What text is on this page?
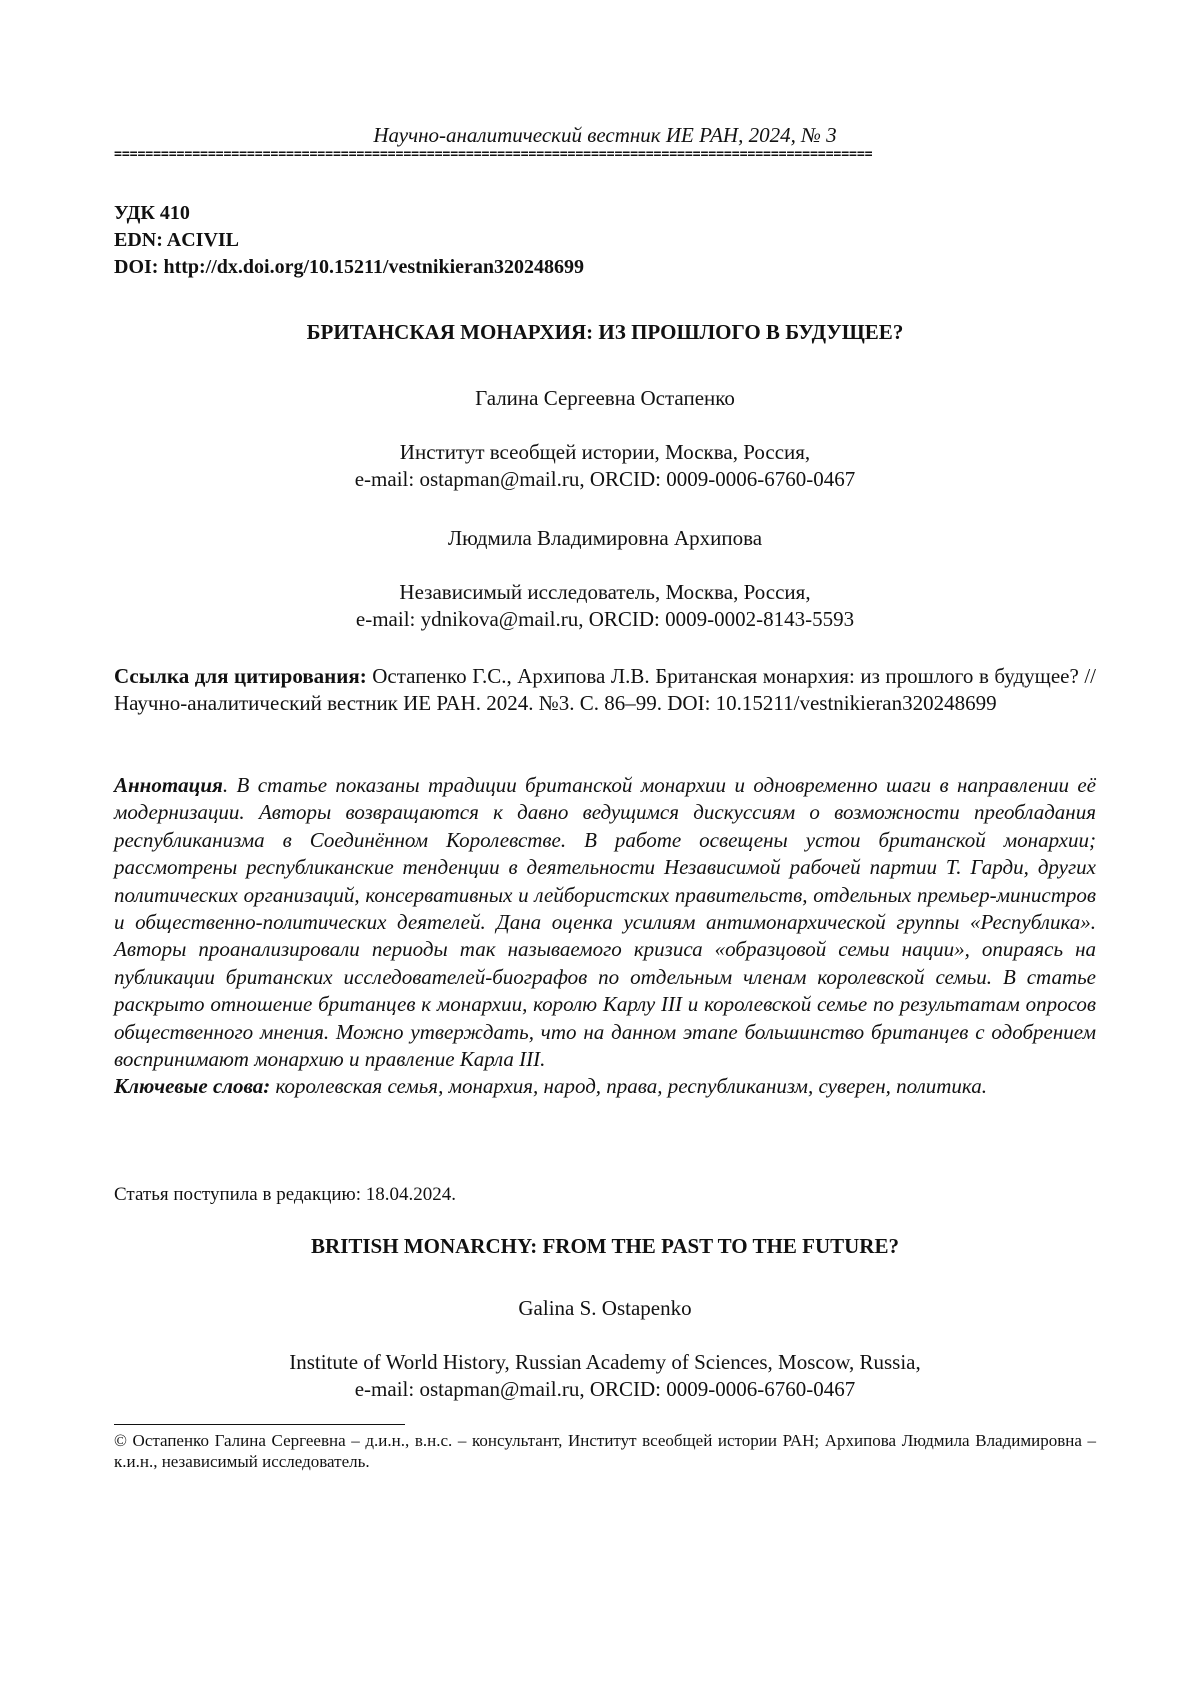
Научно-аналитический вестник ИЕ РАН, 2024, № 3
=================================================================================================
УДК 410
EDN: ACIVIL
DOI: http://dx.doi.org/10.15211/vestnikieran320248699
БРИТАНСКАЯ МОНАРХИЯ: ИЗ ПРОШЛОГО В БУДУЩЕЕ?
Галина Сергеевна Остапенко
Институт всеобщей истории, Москва, Россия,
e-mail: ostapman@mail.ru, ORCID: 0009-0006-6760-0467
Людмила Владимировна Архипова
Независимый исследователь, Москва, Россия,
e-mail: ydnikova@mail.ru, ORCID: 0009-0002-8143-5593
Ссылка для цитирования: Остапенко Г.С., Архипова Л.В. Британская монархия: из прошлого в будущее? // Научно-аналитический вестник ИЕ РАН. 2024. №3. С. 86–99. DOI: 10.15211/vestnikieran320248699
Аннотация. В статье показаны традиции британской монархии и одновременно шаги в направлении её модернизации. Авторы возвращаются к давно ведущимся дискуссиям о возможности преобладания республиканизма в Соединённом Королевстве. В работе освещены устои британской монархии; рассмотрены республиканские тенденции в деятельности Независимой рабочей партии Т. Гарди, других политических организаций, консервативных и лейбористских правительств, отдельных премьер-министров и общественно-политических деятелей. Дана оценка усилиям антимонархической группы «Республика». Авторы проанализировали периоды так называемого кризиса «образцовой семьи нации», опираясь на публикации британских исследователей-биографов по отдельным членам королевской семьи. В статье раскрыто отношение британцев к монархии, королю Карлу III и королевской семье по результатам опросов общественного мнения. Можно утверждать, что на данном этапе большинство британцев с одобрением воспринимают монархию и правление Карла III.
Ключевые слова: королевская семья, монархия, народ, права, республиканизм, суверен, политика.
Статья поступила в редакцию: 18.04.2024.
BRITISH MONARCHY: FROM THE PAST TO THE FUTURE?
Galina S. Ostapenko
Institute of World History, Russian Academy of Sciences, Moscow, Russia,
e-mail: ostapman@mail.ru, ORCID: 0009-0006-6760-0467
© Остапенко Галина Сергеевна – д.и.н., в.н.с. – консультант, Институт всеобщей истории РАН; Архипова Людмила Владимировна – к.и.н., независимый исследователь.
